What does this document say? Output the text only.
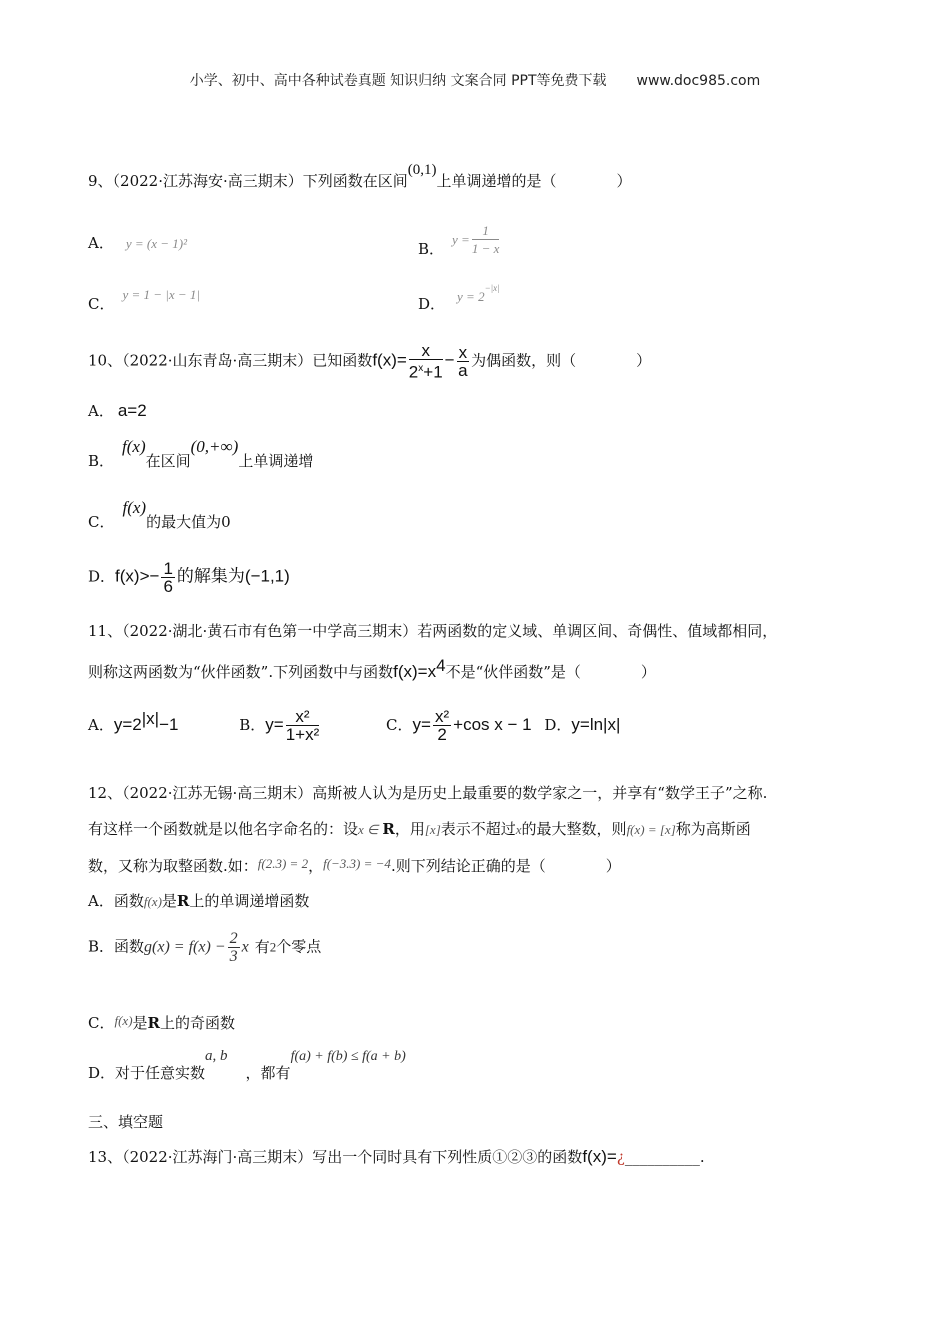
小学、初中、高中各种试卷真题 知识归纳 文案合同 PPT等免费下载 www.doc985.com
9、（2022·江苏海安·高三期末）下列函数在区间(0,1)上单调递增的是（　　　　）
A． y = (x − 1)²	B．$y = \frac{1}{1 - x}$
C．y = 1 − |x − 1|
D． $y = 2^{-|x|}$
10、（2022·山东青岛·高三期末）已知函数$f(x)= \frac{x}{2^x+1} - \frac{x}{a}$ 为偶函数，则（　　　　）
A． a=2
B．f(x)在区间(0,+∞)上单调递增
C．f(x)的最大值为0
D．$f(x)>- \frac{1}{6}$ 的解集为(−1,1)
11、（2022·湖北·黄石市有色第一中学高三期末）若两函数的定义域、单调区间、奇偶性、值域都相同，
则称这两函数为“伙伴函数”.下列函数中与函数$f(x)=x^4$不是“伙伴函数”是（　　　　）
A．$y=2^{|x|}-1$	B．$y= \frac{\text{x²}}{\text{1+x²}}$	C．$y= \frac{\text{x²}}{2} +\cos$ x − 1 D．y=ln|x|
12、（2022·江苏无锡·高三期末）高斯被人认为是历史上最重要的数学家之一，并享有“数学王子”之称.
有这样一个函数就是以他名字命名的：设x ∈ R，用[x]表示不超过x的最大整数，则f(x) = [x]称为高斯函
数，又称为取整函数.如：f(2.3) = 2，f(−3.3) = −4.则下列结论正确的是（　　　　）
A．函数f(x)是R上的单调递增函数
B．函数$g(x) = f(x) - \frac{2}{3}$ x 有2个零点
C．f(x)是R上的奇函数
D．对于任意实数a, b，都有f(a) + f(b) ≤ f(a + b)
三、填空题
13、（2022·江苏海门·高三期末）写出一个同时具有下列性质①②③的函数f(x)=¿__________.
